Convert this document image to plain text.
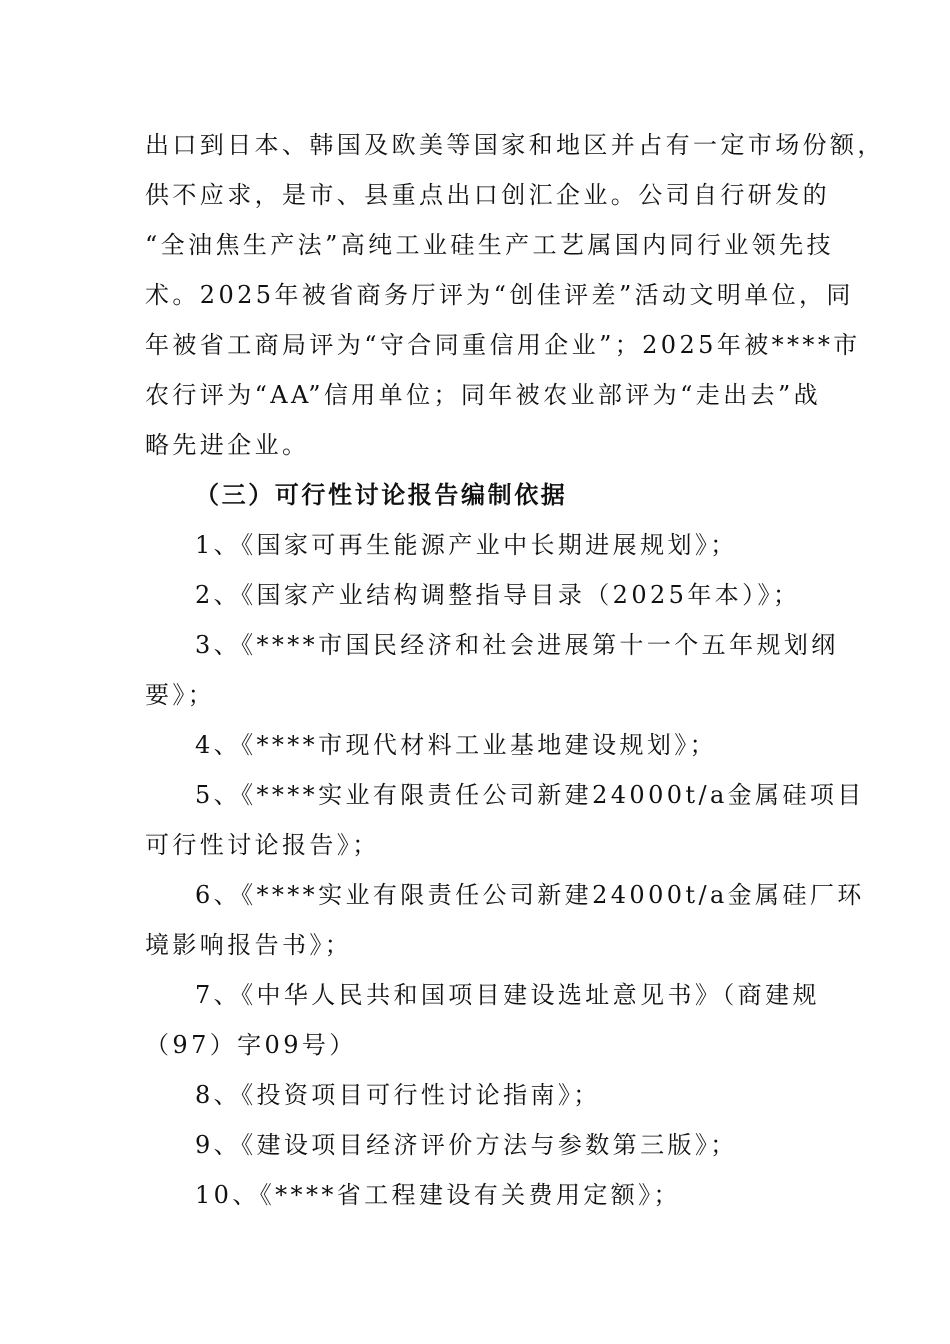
出口到日本、韩国及欧美等国家和地区并占有一定市场份额，
供不应求，是市、县重点出口创汇企业。公司自行研发的
“全油焦生产法”高纯工业硅生产工艺属国内同行业领先技
术。2025年被省商务厅评为“创佳评差”活动文明单位，同
年被省工商局评为“守合同重信用企业”；2025年被****市
农行评为“AA”信用单位；同年被农业部评为“走出去”战
略先进企业。
（三）可行性讨论报告编制依据
1、《国家可再生能源产业中长期进展规划》；
2、《国家产业结构调整指导目录（2025年本）》；
3、《****市国民经济和社会进展第十一个五年规划纲
要》；
4、《****市现代材料工业基地建设规划》；
5、《****实业有限责任公司新建24000t/a金属硅项目
可行性讨论报告》；
6、《****实业有限责任公司新建24000t/a金属硅厂环
境影响报告书》；
7、《中华人民共和国项目建设选址意见书》（商建规
（97）字09号）
8、《投资项目可行性讨论指南》；
9、《建设项目经济评价方法与参数第三版》；
10、《****省工程建设有关费用定额》；
